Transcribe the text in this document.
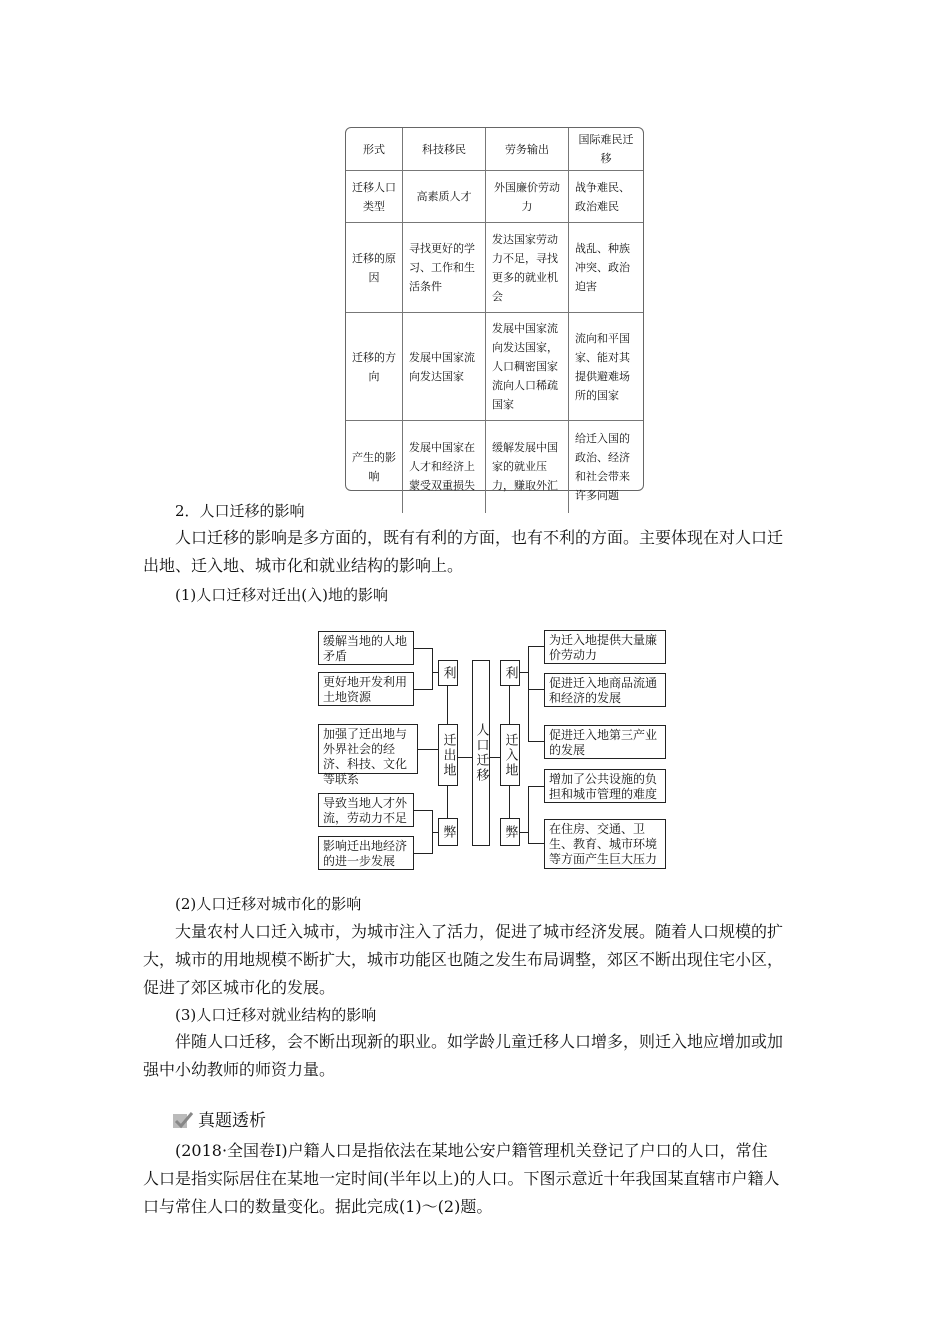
形式	科技移民	劳务输出	国际难民迁移
迁移人口类型	高素质人才	外国廉价劳动力	战争难民、政治难民
迁移的原因	寻找更好的学习、工作和生活条件	发达国家劳动力不足，寻找更多的就业机会	战乱、种族冲突、政治迫害
迁移的方向	发展中国家流向发达国家	发展中国家流向发达国家，人口稠密国家流向人口稀疏国家	流向和平国家、能对其提供避难场所的国家
产生的影响	发展中国家在人才和经济上蒙受双重损失	缓解发展中国家的就业压力，赚取外汇	给迁入国的政治、经济和社会带来许多问题
2．人口迁移的影响
人口迁移的影响是多方面的，既有有利的方面，也有不利的方面。主要体现在对人口迁
出地、迁入地、城市化和就业结构的影响上。
(1)人口迁移对迁出(入)地的影响
缓解当地的人地矛盾
更好地开发利用土地资源
加强了迁出地与外界社会的经济、科技、文化等联系
导致当地人才外流，劳动力不足
影响迁出地经济的进一步发展
利
迁出地
弊
人口迁移
利
迁入地
弊
为迁入地提供大量廉价劳动力
促进迁入地商品流通和经济的发展
促进迁入地第三产业的发展
增加了公共设施的负担和城市管理的难度
在住房、交通、卫生、教育、城市环境等方面产生巨大压力
(2)人口迁移对城市化的影响
大量农村人口迁入城市，为城市注入了活力，促进了城市经济发展。随着人口规模的扩
大，城市的用地规模不断扩大，城市功能区也随之发生布局调整，郊区不断出现住宅小区，
促进了郊区城市化的发展。
(3)人口迁移对就业结构的影响
伴随人口迁移，会不断出现新的职业。如学龄儿童迁移人口增多，则迁入地应增加或加
强中小幼教师的师资力量。
真题透析
(2018·全国卷Ⅰ)户籍人口是指依法在某地公安户籍管理机关登记了户口的人口，常住
人口是指实际居住在某地一定时间(半年以上)的人口。下图示意近十年我国某直辖市户籍人
口与常住人口的数量变化。据此完成(1)～(2)题。
